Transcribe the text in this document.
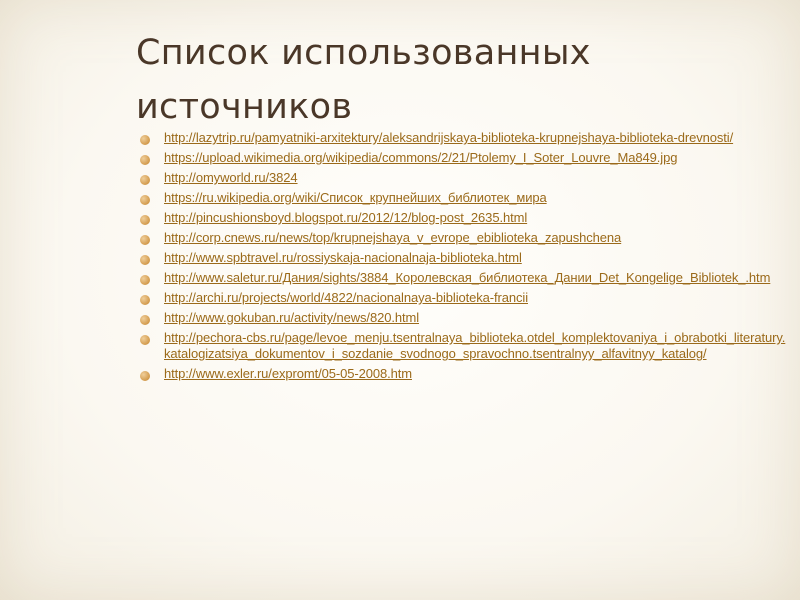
Список использованных
источников
http://lazytrip.ru/pamyatniki-arxitektury/aleksandrijskaya-biblioteka-krupnejshaya-biblioteka-drevnosti/
https://upload.wikimedia.org/wikipedia/commons/2/21/Ptolemy_I_Soter_Louvre_Ma849.jpg
http://omyworld.ru/3824
https://ru.wikipedia.org/wiki/Список_крупнейших_библиотек_мира
http://pincushionsboyd.blogspot.ru/2012/12/blog-post_2635.html
http://corp.cnews.ru/news/top/krupnejshaya_v_evrope_ebiblioteka_zapushchena
http://www.spbtravel.ru/rossiyskaja-nacionalnaja-biblioteka.html
http://www.saletur.ru/Дания/sights/3884_Королевская_библиотека_Дании_Det_Kongelige_Bibliotek_.htm
http://archi.ru/projects/world/4822/nacionalnaya-biblioteka-francii
http://www.gokuban.ru/activity/news/820.html
http://pechora-cbs.ru/page/levoe_menju.tsentralnaya_biblioteka.otdel_komplektovaniya_i_obrabotki_literatury.katalogizatsiya_dokumentov_i_sozdanie_svodnogo_spravochno.tsentralnyy_alfavitnyy_katalog/
http://www.exler.ru/expromt/05-05-2008.htm
